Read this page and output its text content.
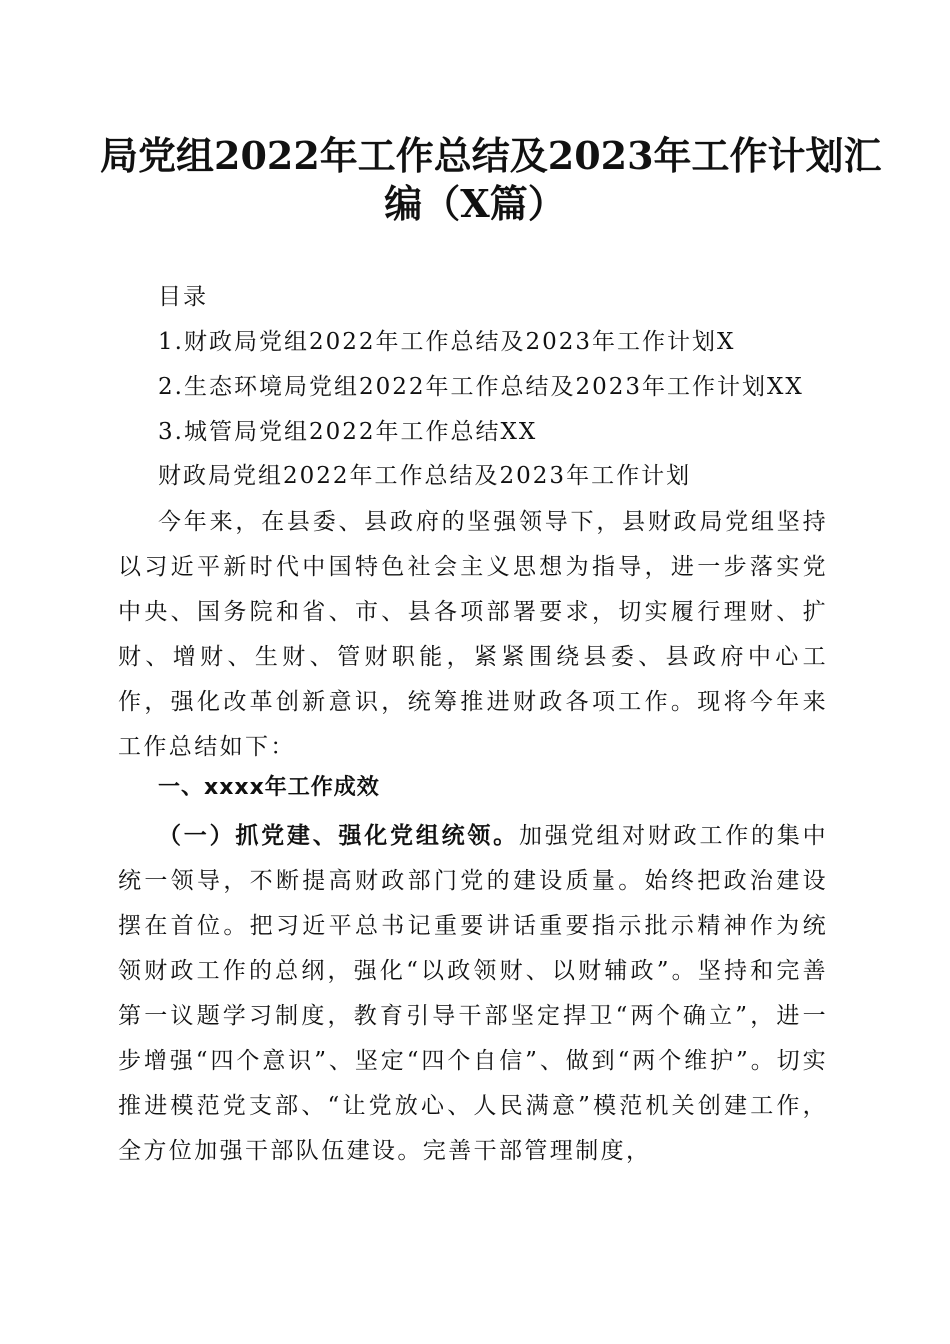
局党组2022年工作总结及2023年工作计划汇
编（X篇）
目录
1.财政局党组2022年工作总结及2023年工作计划X
2.生态环境局党组2022年工作总结及2023年工作计划XX
3.城管局党组2022年工作总结XX
财政局党组2022年工作总结及2023年工作计划

今年来，在县委、县政府的坚强领导下，县财政局党组坚持以习近平新时代中国特色社会主义思想为指导，进一步落实党中央、国务院和省、市、县各项部署要求，切实履行理财、扩财、增财、生财、管财职能，紧紧围绕县委、县政府中心工作，强化改革创新意识，统筹推进财政各项工作。现将今年来工作总结如下：

一、xxxx年工作成效

（一）抓党建、强化党组统领。加强党组对财政工作的集中统一领导，不断提高财政部门党的建设质量。始终把政治建设摆在首位。把习近平总书记重要讲话重要指示批示精神作为统领财政工作的总纲，强化“以政领财、以财辅政”。坚持和完善第一议题学习制度，教育引导干部坚定捍卫“两个确立”，进一步增强“四个意识”、坚定“四个自信”、做到“两个维护”。切实推进模范党支部、“让党放心、人民满意”模范机关创建工作，全方位加强干部队伍建设。完善干部管理制度，
